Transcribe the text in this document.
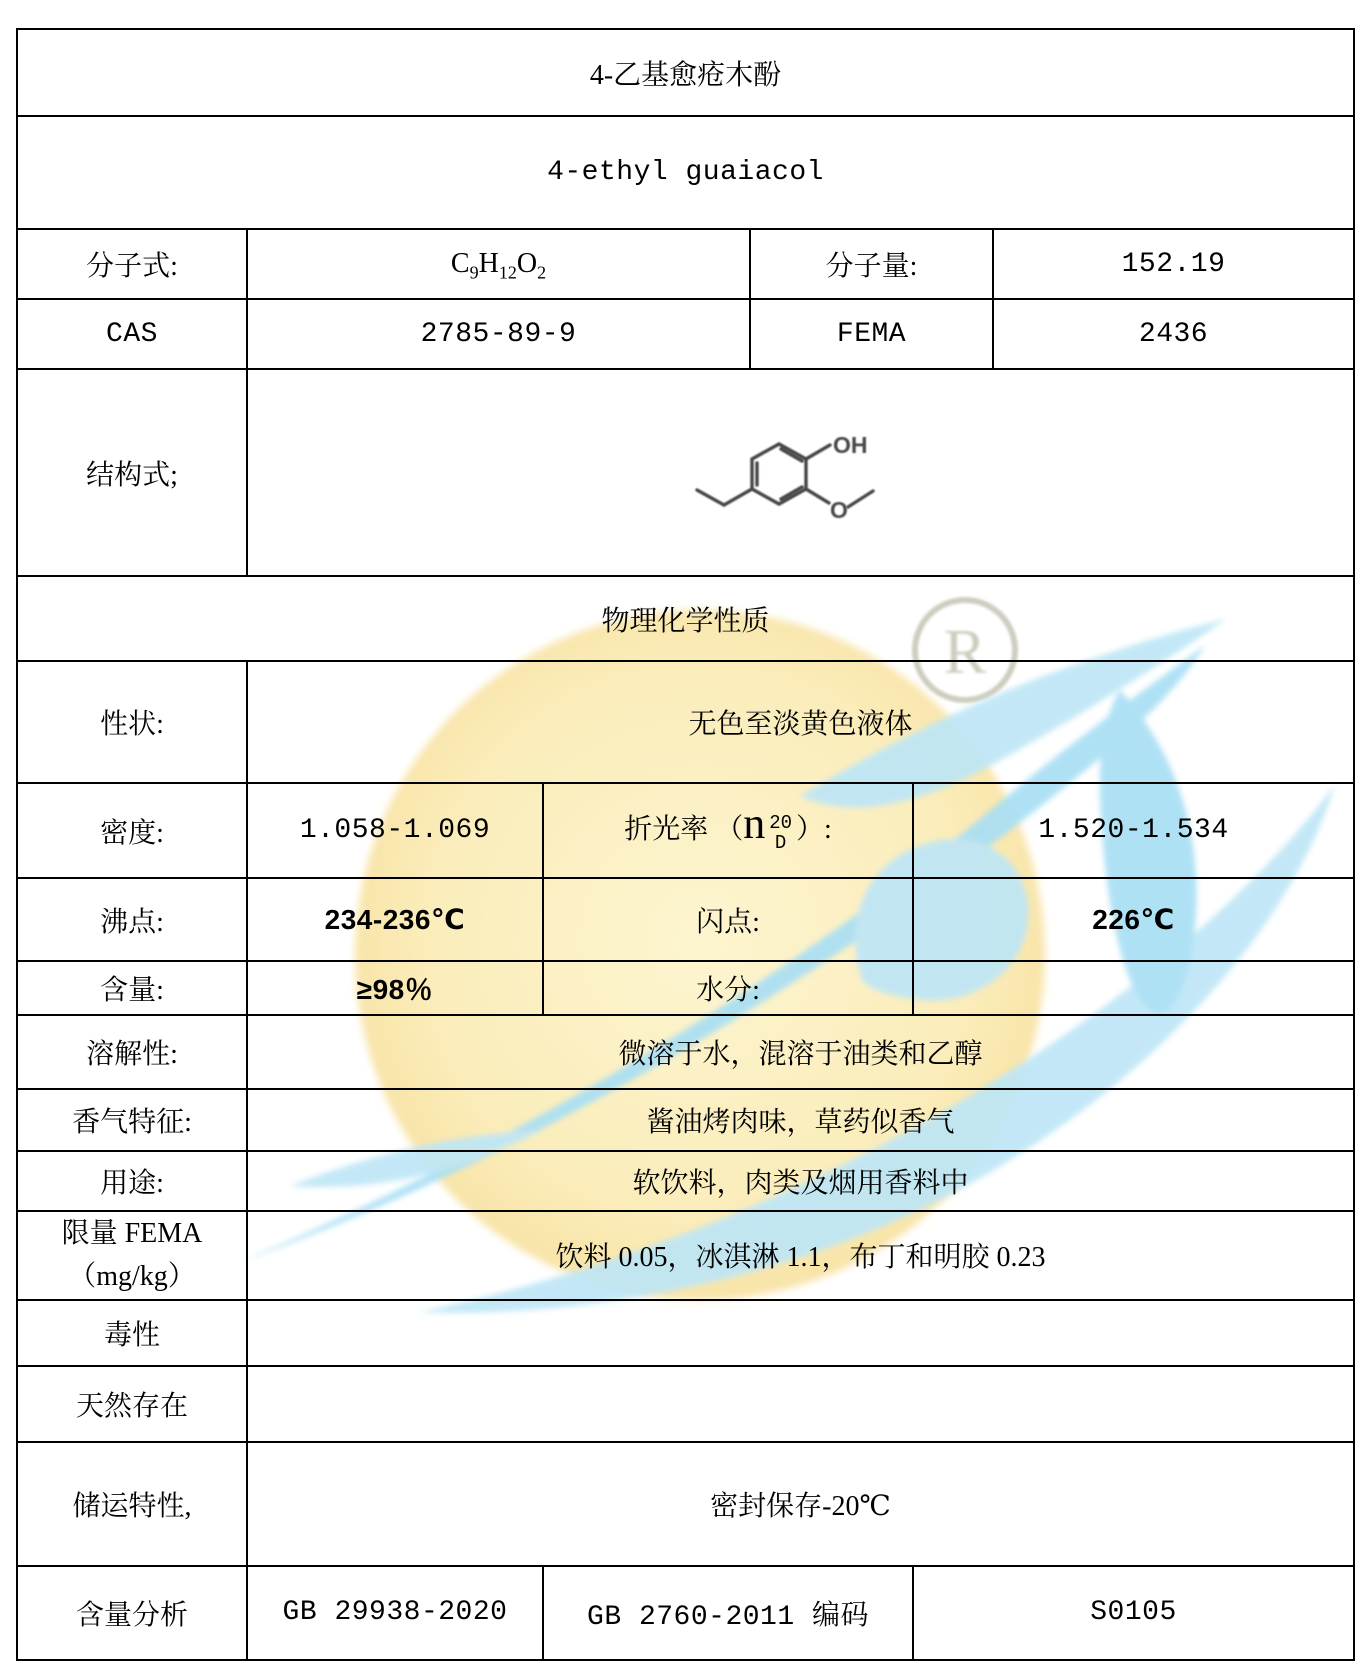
R
4-乙基愈疮木酚					
4-ethyl guaiacol					
分子式:	$C_9H_{12}O_2$		分子量:		152.19
CAS	2785-89-9		FEMA		2436
结构式;	OH
O				

物理化学性质					
性状:	无色至淡黄色液体				
密度:	1.058-1.069	折光率 （n 20
D ）:		1.520-1.534	
沸点:	234-236℃	闪点:		226℃	
含量:	≥98％	水分:			
溶解性:	微溶于水，混溶于油类和乙醇				
香气特征:	酱油烤肉味，草药似香气				
用途:	软饮料，肉类及烟用香料中				
限量 FEMA
（mg/kg）	饮料 0.05，冰淇淋 1.1，布丁和明胶 0.23				
毒性					
天然存在					
储运特性,	密封保存-20℃				
含量分析	GB 29938-2020	GB 2760-2011 编码		S0105	
